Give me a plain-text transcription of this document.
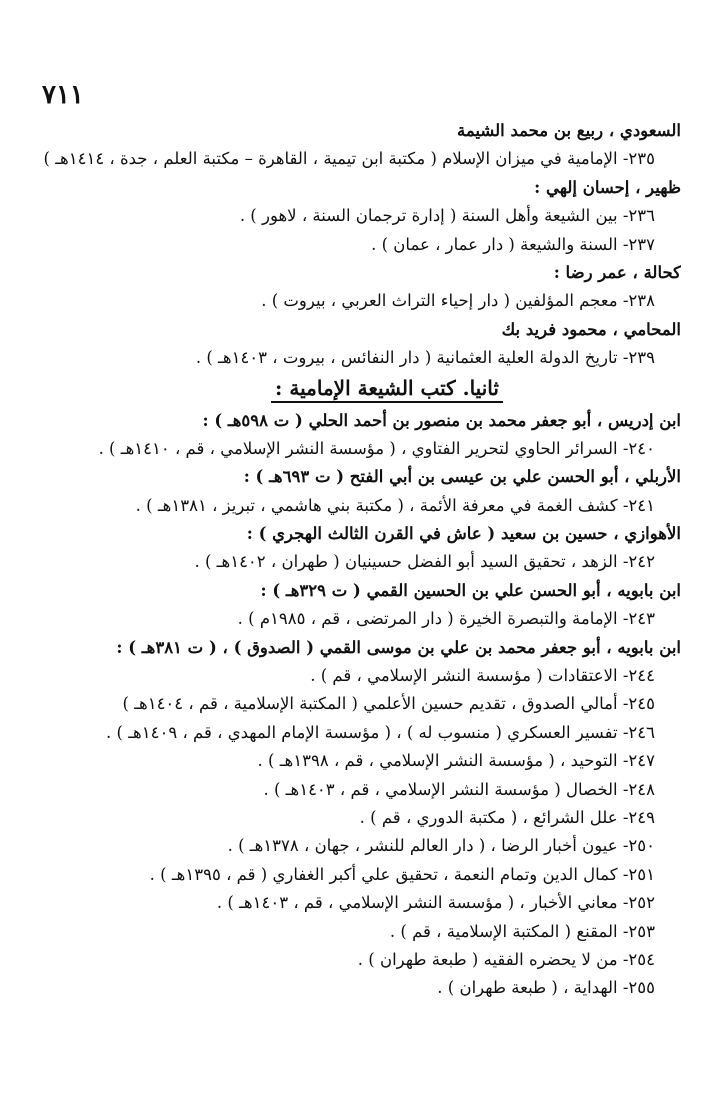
٧١١
السعودي ، ربيع بن محمد الشيمة
٢٣٥- الإمامية في ميزان الإسلام ( مكتبة ابن تيمية ، القاهرة – مكتبة العلم ، جدة ، ١٤١٤هـ )
ظهير ، إحسان إلهي :
٢٣٦- بين الشيعة وأهل السنة ( إدارة ترجمان السنة ، لاهور ) .
٢٣٧- السنة والشيعة ( دار عمار ، عمان ) .
كحالة ، عمر رضا :
٢٣٨- معجم المؤلفين ( دار إحياء التراث العربي ، بيروت ) .
المحامي ، محمود فريد بك
٢٣٩- تاريخ الدولة العلية العثمانية ( دار النفائس ، بيروت ، ١٤٠٣هـ ) .
ثانيا. كتب الشيعة الإمامية :
ابن إدريس ، أبو جعفر محمد بن منصور بن أحمد الحلي ( ت ٥٩٨هـ ) :
٢٤٠- السرائر الحاوي لتحرير الفتاوي ، ( مؤسسة النشر الإسلامي ، قم ، ١٤١٠هـ ) .
الأربلي ، أبو الحسن علي بن عيسى بن أبي الفتح ( ت ٦٩٣هـ ) :
٢٤١- كشف الغمة في معرفة الأئمة ، ( مكتبة بني هاشمي ، تبريز ، ١٣٨١هـ ) .
الأهوازي ، حسين بن سعيد ( عاش في القرن الثالث الهجري ) :
٢٤٢- الزهد ، تحقيق السيد أبو الفضل حسينيان ( طهران ، ١٤٠٢هـ ) .
ابن بابويه ، أبو الحسن علي بن الحسين القمي ( ت ٣٢٩هـ ) :
٢٤٣- الإمامة والتبصرة الخيرة ( دار المرتضى ، قم ، ١٩٨٥م ) .
ابن بابويه ، أبو جعفر محمد بن علي بن موسى القمي ( الصدوق ) ، ( ت ٣٨١هـ ) :
٢٤٤- الاعتقادات ( مؤسسة النشر الإسلامي ، قم ) .
٢٤٥- أمالي الصدوق ، تقديم حسين الأعلمي ( المكتبة الإسلامية ، قم ، ١٤٠٤هـ )
٢٤٦- تفسير العسكري ( منسوب له ) ، ( مؤسسة الإمام المهدي ، قم ، ١٤٠٩هـ ) .
٢٤٧- التوحيد ، ( مؤسسة النشر الإسلامي ، قم ، ١٣٩٨هـ ) .
٢٤٨- الخصال ( مؤسسة النشر الإسلامي ، قم ، ١٤٠٣هـ ) .
٢٤٩- علل الشرائع ، ( مكتبة الدوري ، قم ) .
٢٥٠- عيون أخبار الرضا ، ( دار العالم للنشر ، جهان ، ١٣٧٨هـ ) .
٢٥١- كمال الدين وتمام النعمة ، تحقيق علي أكبر الغفاري ( قم ، ١٣٩٥هـ ) .
٢٥٢- معاني الأخبار ، ( مؤسسة النشر الإسلامي ، قم ، ١٤٠٣هـ ) .
٢٥٣- المقنع ( المكتبة الإسلامية ، قم ) .
٢٥٤- من لا يحضره الفقيه ( طبعة طهران ) .
٢٥٥- الهداية ، ( طبعة طهران ) .
